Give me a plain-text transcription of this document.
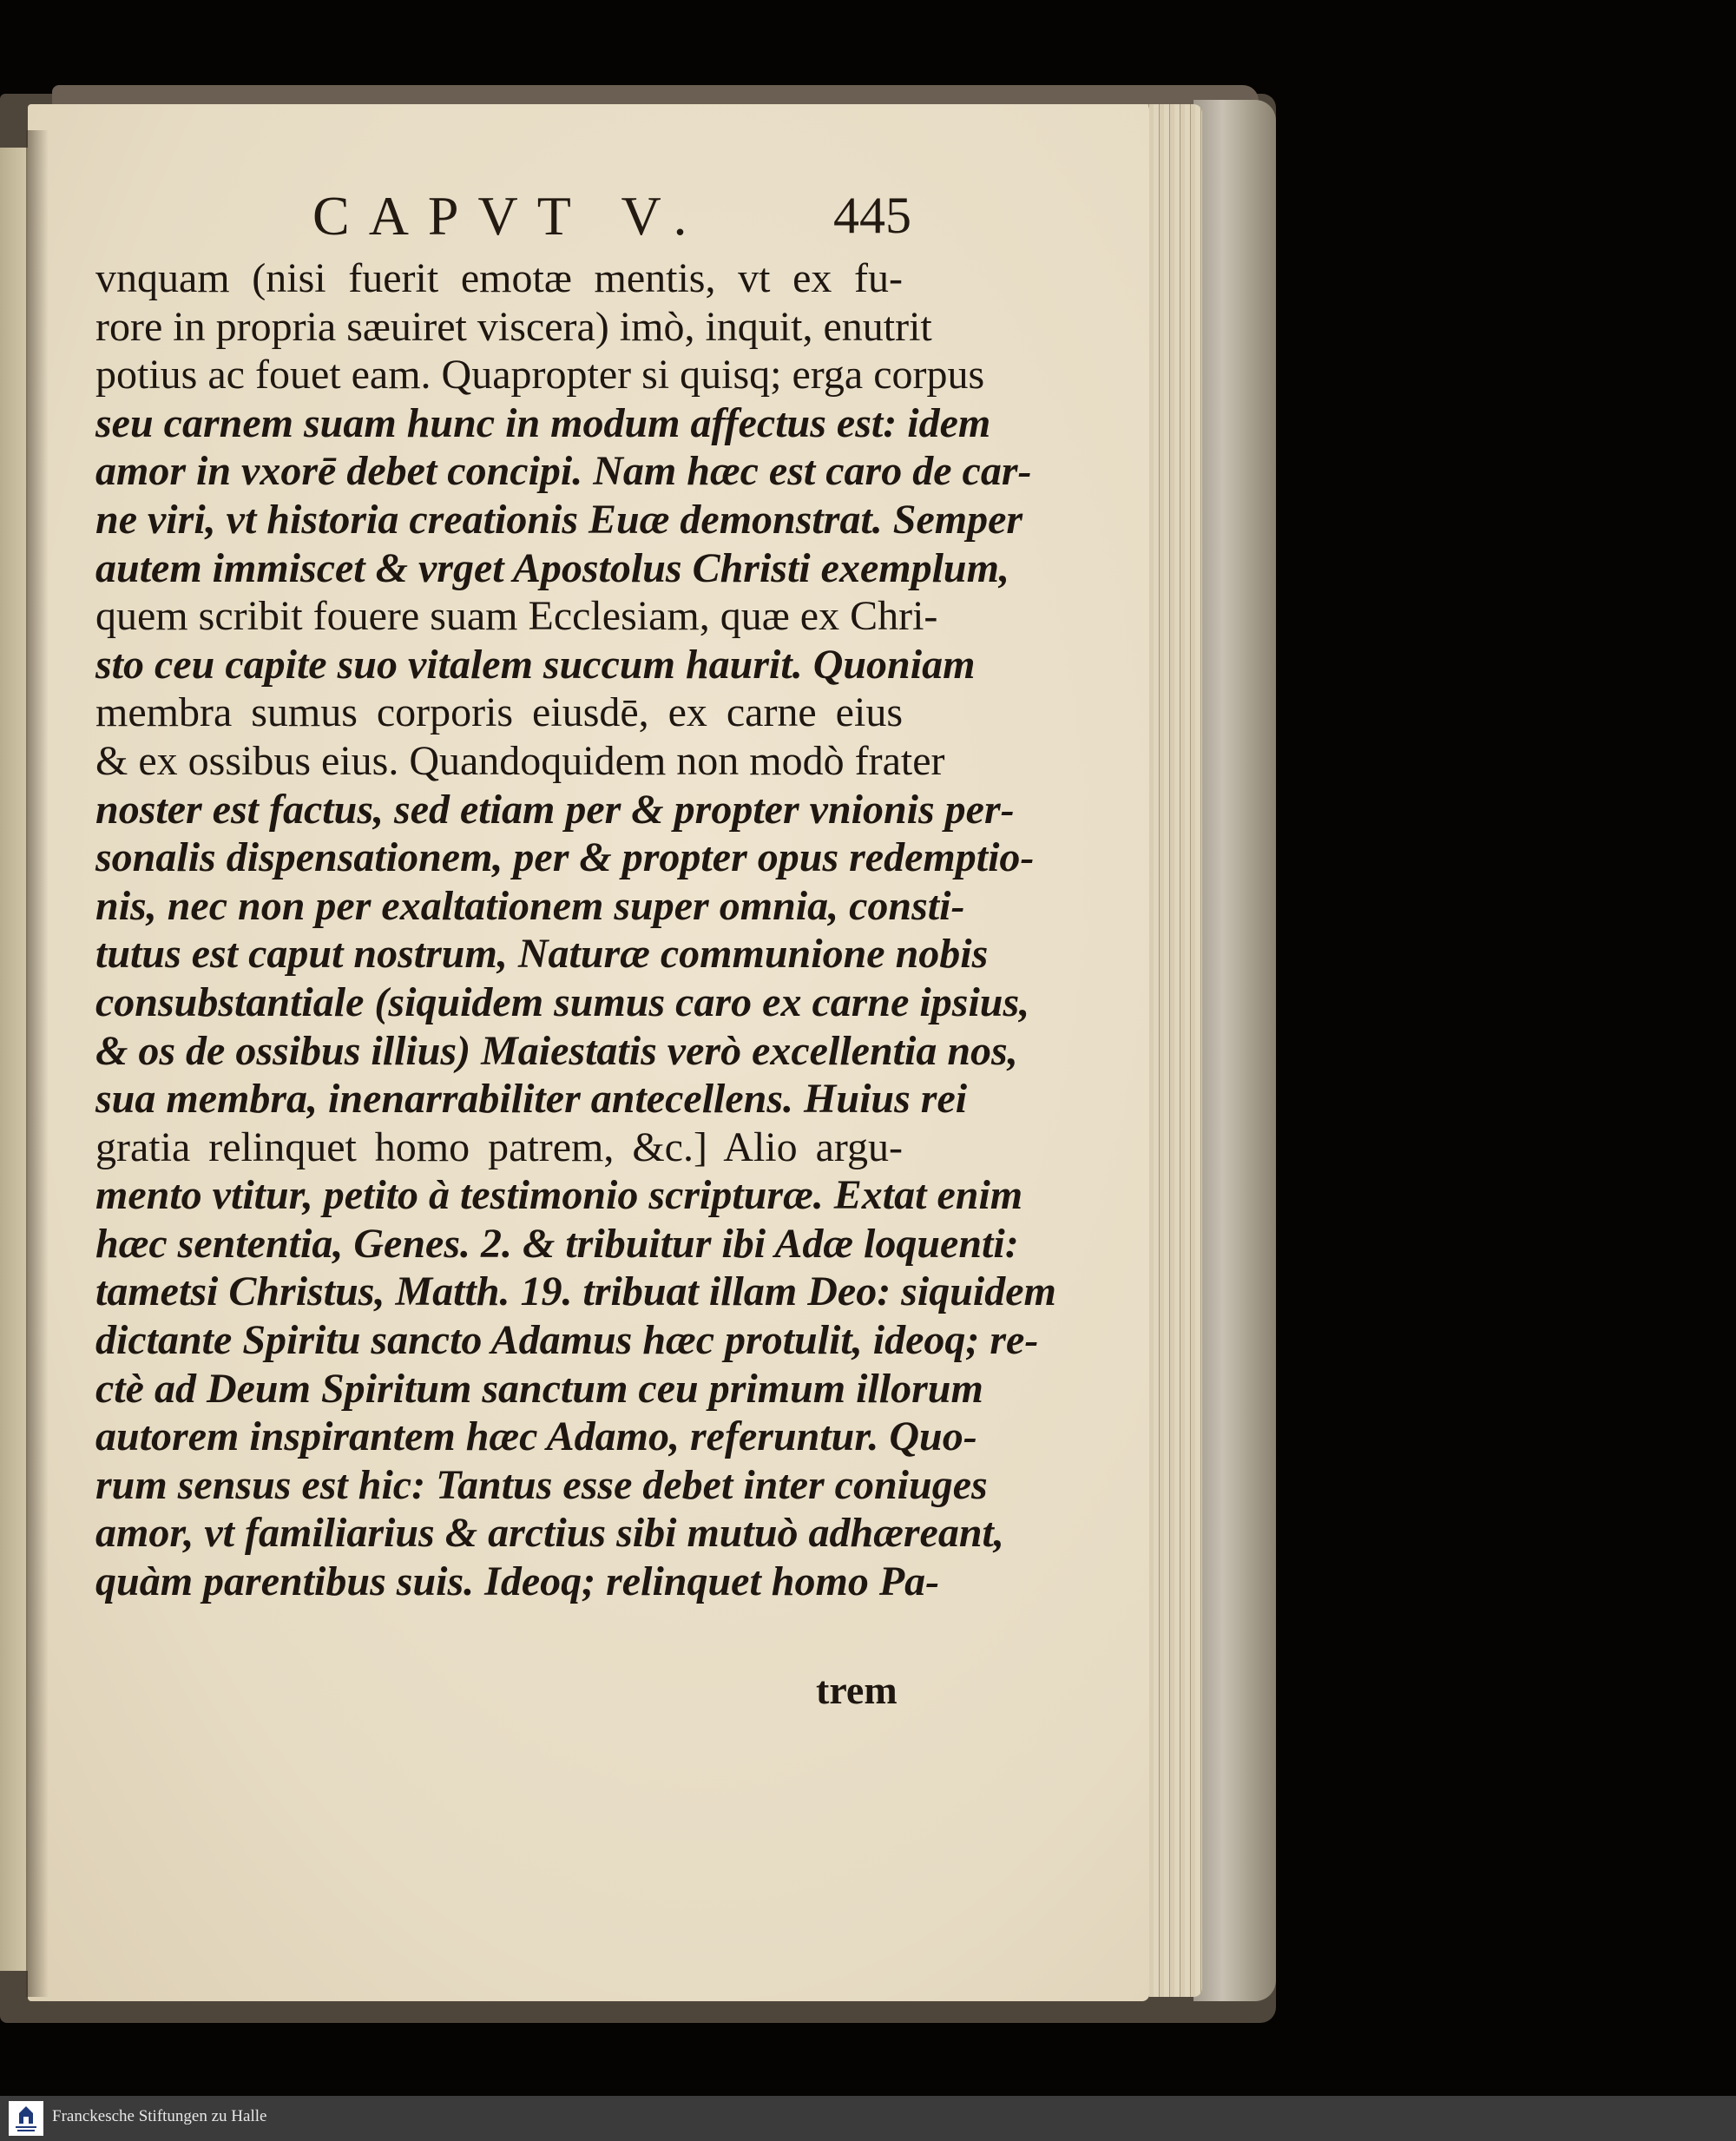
CAPVT V. 445
vnquam (nisi fuerit emotæ mentis, vt ex fu-
rore in propria sæuiret viscera) imò, inquit, enutrit
potius ac fouet eam. Quapropter si quisq; erga corpus
seu carnem suam hunc in modum affectus est: idem
amor in vxorē debet concipi. Nam hæc est caro de car-
ne viri, vt historia creationis Euæ demonstrat. Semper
autem immiscet & vrget Apostolus Christi exemplum,
quem scribit fouere suam Ecclesiam, quæ ex Chri-
sto ceu capite suo vitalem succum haurit. Quoniam
membra sumus corporis eiusdē, ex carne eius
& ex ossibus eius. Quandoquidem non modò frater
noster est factus, sed etiam per & propter vnionis per-
sonalis dispensationem, per & propter opus redemptio-
nis, nec non per exaltationem super omnia, consti-
tutus est caput nostrum, Naturæ communione nobis
consubstantiale (siquidem sumus caro ex carne ipsius,
& os de ossibus illius) Maiestatis verò excellentia nos,
sua membra, inenarrabiliter antecellens. Huius rei
gratia relinquet homo patrem, &c.] Alio argu-
mento vtitur, petito à testimonio scripturæ. Extat enim
hæc sententia, Genes. 2. & tribuitur ibi Adæ loquenti:
tametsi Christus, Matth. 19. tribuat illam Deo: siquidem
dictante Spiritu sancto Adamus hæc protulit, ideoq; re-
ctè ad Deum Spiritum sanctum ceu primum illorum
autorem inspirantem hæc Adamo, referuntur. Quo-
rum sensus est hic: Tantus esse debet inter coniuges
amor, vt familiarius & arctius sibi mutuò adhæreant,
quàm parentibus suis. Ideoq; relinquet homo Pa-
trem
Franckesche Stiftungen zu Halle
